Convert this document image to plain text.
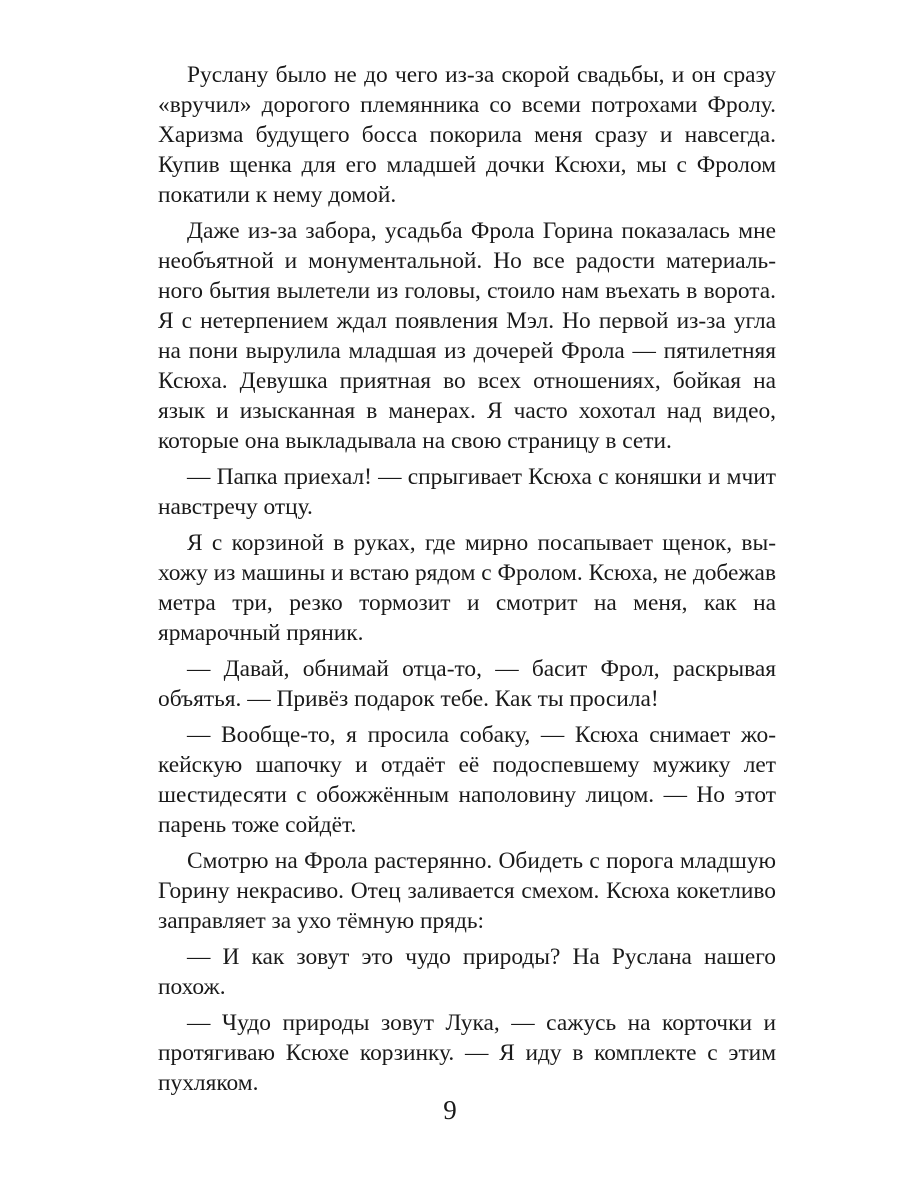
Руслану было не до чего из-за скорой свадьбы, и он сразу «вручил» дорогого племянника со всеми потрохами Фролу. Харизма будущего босса покорила меня сразу и навсегда. Купив щенка для его младшей дочки Ксюхи, мы с Фролом покатили к нему домой.

Даже из-за забора, усадьба Фрола Горина показалась мне необъятной и монументальной. Но все радости материального бытия вылетели из головы, стоило нам въехать в ворота. Я с нетерпением ждал появления Мэл. Но первой из-за угла на пони вырулила младшая из дочерей Фрола — пятилетняя Ксюха. Девушка приятная во всех отношениях, бойкая на язык и изысканная в манерах. Я часто хохотал над видео, которые она выкладывала на свою страницу в сети.

— Папка приехал! — спрыгивает Ксюха с коняшки и мчит навстречу отцу.

Я с корзиной в руках, где мирно посапывает щенок, выхожу из машины и встаю рядом с Фролом. Ксюха, не добежав метра три, резко тормозит и смотрит на меня, как на ярмарочный пряник.

— Давай, обнимай отца-то, — басит Фрол, раскрывая объятья. — Привёз подарок тебе. Как ты просила!

— Вообще-то, я просила собаку, — Ксюха снимает жокейскую шапочку и отдаёт её подоспевшему мужику лет шестидесяти с обожжённым наполовину лицом. — Но этот парень тоже сойдёт.

Смотрю на Фрола растерянно. Обидеть с порога младшую Горину некрасиво. Отец заливается смехом. Ксюха кокетливо заправляет за ухо тёмную прядь:

— И как зовут это чудо природы? На Руслана нашего похож.

— Чудо природы зовут Лука, — сажусь на корточки и протягиваю Ксюхе корзинку. — Я иду в комплекте с этим пухляком.

9
